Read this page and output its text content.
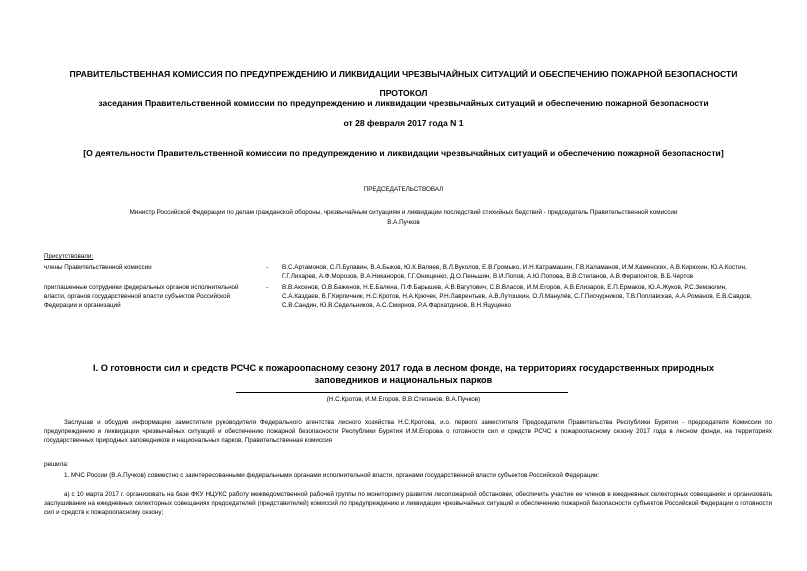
ПРАВИТЕЛЬСТВЕННАЯ КОМИССИЯ ПО ПРЕДУПРЕЖДЕНИЮ И ЛИКВИДАЦИИ ЧРЕЗВЫЧАЙНЫХ СИТУАЦИЙ И ОБЕСПЕЧЕНИЮ ПОЖАРНОЙ БЕЗОПАСНОСТИ
ПРОТОКОЛ
заседания Правительственной комиссии по предупреждению и ликвидации чрезвычайных ситуаций и обеспечению пожарной безопасности
от 28 февраля 2017 года N 1
[О деятельности Правительственной комиссии по предупреждению и ликвидации чрезвычайных ситуаций и обеспечению пожарной безопасности]
ПРЕДСЕДАТЕЛЬСТВОВАЛ
Министр Российской Федерации по делам гражданской обороны, чрезвычайным ситуациям и ликвидации последствий стихийных бедствий - председатель Правительственной комиссии
В.А.Пучков
Присутствовали:
члены Правительственной комиссии	- В.С.Артамонов, С.П.Булавин, В.А.Быков, Ю.К.Валяев, В.Л.Вуколов, Е.В.Громыко, И.Н.Катрамашин, Г.В.Каламанов, И.М.Каменских, А.В.Кирюхин, Ю.А.Костин, Г.Г.Лихарев, А.Ф.Морозов, В.А.Никаноров, Г.Г.Онищенко, Д.О.Пеньшин, В.И.Попов, А.Ю.Попова, В.В.Степанов, А.В.Ферапонтов, В.Б.Чертов
приглашенные сотрудники федеральных органов исполнительной власти, органов государственной власти субъектов Российской Федерации и организаций
- В.В.Аксенов, О.В.Баженов, Н.Е.Балена, П.Ф.Барышев, А.В.Вагутович, С.В.Власов, И.М.Егоров, А.В.Елизаров, Е.П.Ермаков, Ю.А.Жуков, Р.С.Земзюлин, С.А.Каздаев, В.Г.Кирпичник, Н.С.Кротов, Н.А.Крючек, Р.Н.Лаврентьев, А.В.Лутошкин, О.Л.Манулёв, С.Г.Писчурников, Т.В.Поплавская, А.А.Романов, Е.В.Савдов, С.В.Сандин, Ю.В.Седельников, А.С.Смирнов, Р.А.Фархатдинов, В.Н.Яцуценко
I. О готовности сил и средств РСЧС к пожароопасному сезону 2017 года в лесном фонде, на территориях государственных природных заповедников и национальных парков
(Н.С.Кротов, И.М.Егоров, В.В.Степанов, В.А.Пучков)
Заслушав и обсудив информацию заместителя руководителя Федерального агентства лесного хозяйства Н.С.Кротова, и.о. первого заместителя Председателя Правительства Республики Бурятия - председателя Комиссии по предупреждению и ликвидации чрезвычайных ситуаций и обеспечению пожарной безопасности Республики Бурятия И.М.Егорова о готовности сил и средств РСЧС к пожароопасному сезону 2017 года в лесном фонде, на территориях государственных природных заповедников и национальных парков, Правительственная комиссия
решила:
1. МЧС России (В.А.Пучков) совместно с заинтересованными федеральными органами исполнительной власти, органами государственной власти субъектов Российской Федерации:
а) с 10 марта 2017 г. организовать на базе ФКУ НЦУКС работу межведомственной рабочей группы по мониторингу развития лесопожарной обстановки, обеспечить участие ее членов в ежедневных селекторных совещаниях и организовать заслушивание на ежедневных селекторных совещаниях председателей (представителей) комиссий по предупреждению и ликвидации чрезвычайных ситуаций и обеспечению пожарной безопасности субъектов Российской Федерации о готовности сил и средств к пожароопасному сезону;
